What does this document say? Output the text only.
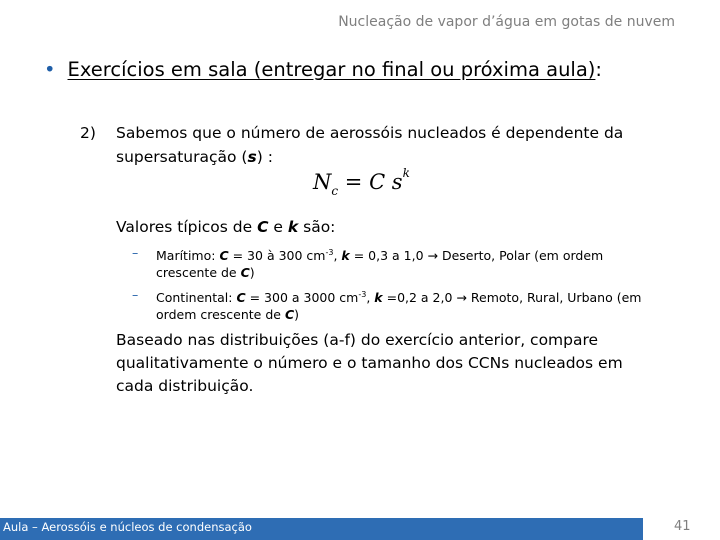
Nucleação de vapor d’água em gotas de nuvem
• Exercícios em sala (entregar no final ou próxima aula):
2) Sabemos que o número de aerossóis nucleados é dependente da supersaturação (s) :
$N_c = C$ $s^k$
Valores típicos de C e k são:
– Marítimo: C = 30 à 300 $cm^{-3}$, k = 0,3 a 1,0 → Deserto, Polar (em ordem crescente de C)
– Continental: C = 300 a 3000 $cm^{-3}$, k =0,2 a 2,0 → Remoto, Rural, Urbano (em ordem crescente de C)
Baseado nas distribuições (a-f) do exercício anterior, compare qualitativamente o número e o tamanho dos CCNs nucleados em cada distribuição.
Aula – Aerossóis e núcleos de condensação	41
